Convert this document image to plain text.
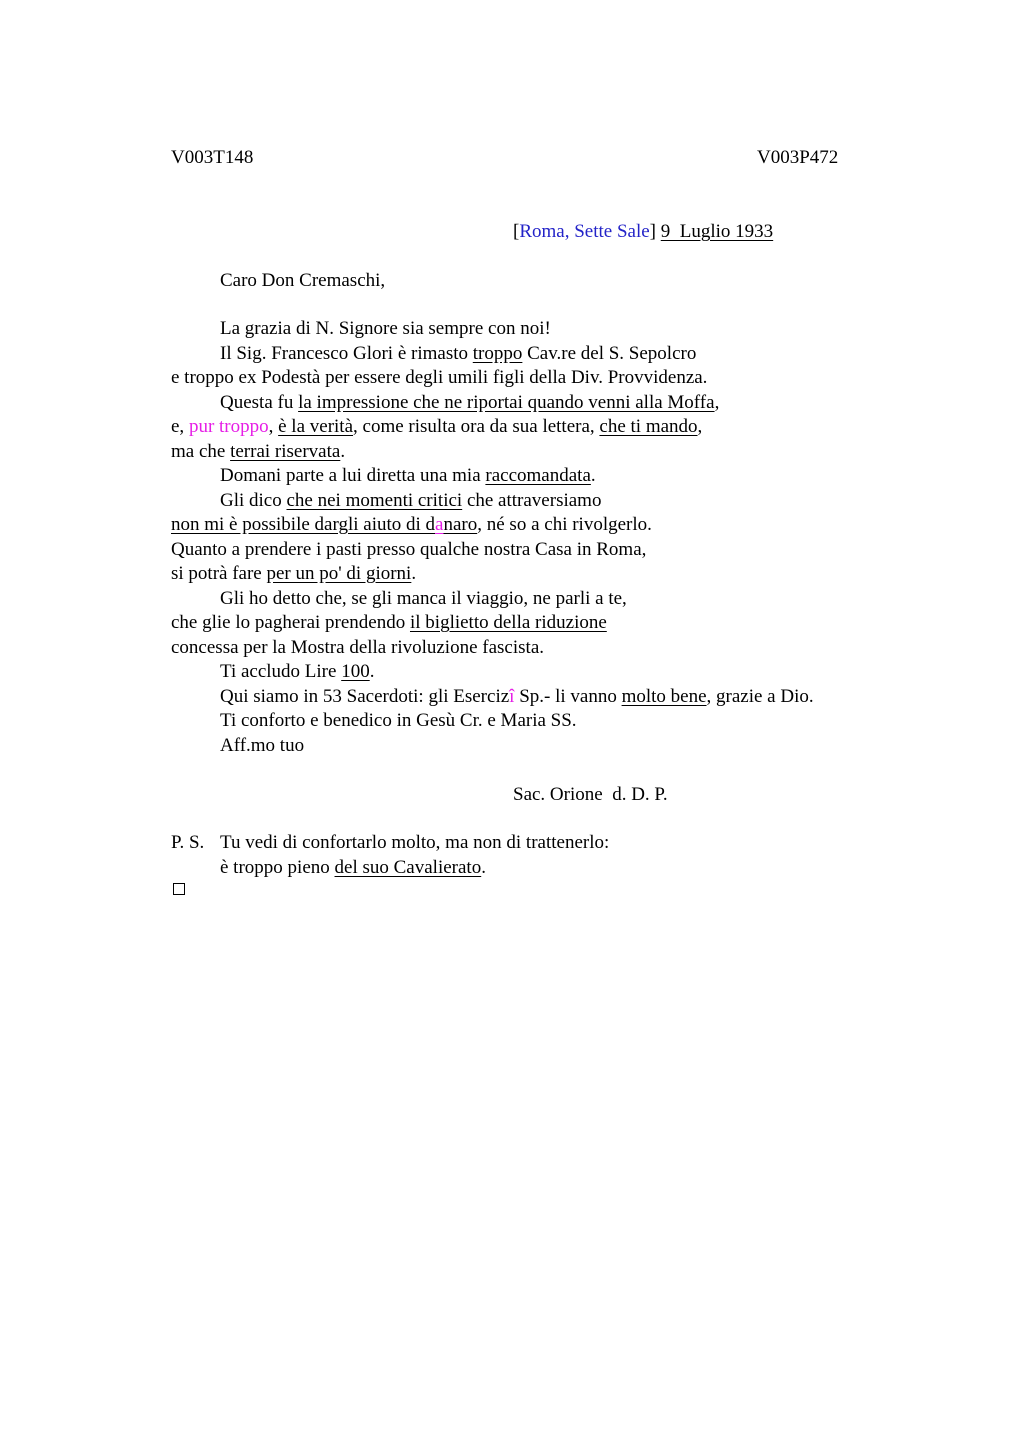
V003T148	V003P472
[Roma, Sette Sale] 9  Luglio 1933
Caro Don Cremaschi,
La grazia di N. Signore sia sempre con noi!
Il Sig. Francesco Glori è rimasto troppo Cav.re del S. Sepolcro
e troppo ex Podestà per essere degli umili figli della Div. Provvidenza.
Questa fu la impressione che ne riportai quando venni alla Moffa,
e, pur troppo, è la verità, come risulta ora da sua lettera, che ti mando,
ma che terrai riservata.
Domani parte a lui diretta una mia raccomandata.
Gli dico che nei momenti critici che attraversiamo
non mi è possibile dargli aiuto di danaro, né so a chi rivolgerlo.
Quanto a prendere i pasti presso qualche nostra Casa in Roma,
si potrà fare per un po' di giorni.
Gli ho detto che, se gli manca il viaggio, ne parli a te,
che glie lo pagherai prendendo il biglietto della riduzione
concessa per la Mostra della rivoluzione fascista.
Ti accludo Lire 100.
Qui siamo in 53 Sacerdoti: gli Esercizî Sp.- li vanno molto bene, grazie a Dio.
Ti conforto e benedico in Gesù Cr. e Maria SS.
Aff.mo tuo
Sac. Orione  d. D. P.
P. S. Tu vedi di confortarlo molto, ma non di trattenerlo:
è troppo pieno del suo Cavalierato.
